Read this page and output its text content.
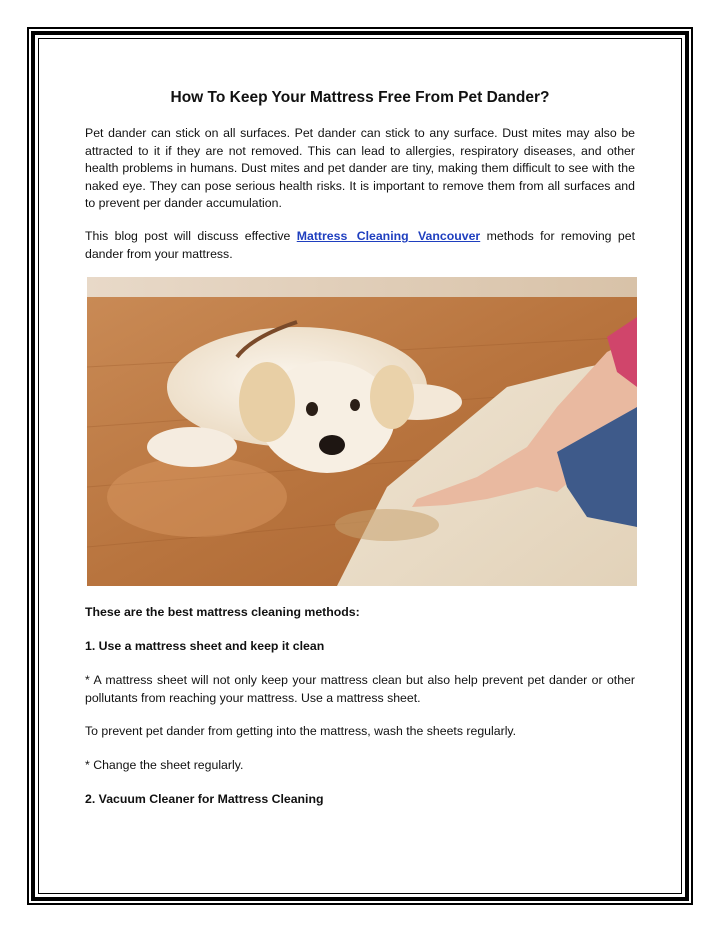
How To Keep Your Mattress Free From Pet Dander?

Pet dander can stick on all surfaces. Pet dander can stick to any surface. Dust mites may also be attracted to it if they are not removed. This can lead to allergies, respiratory diseases, and other health problems in humans. Dust mites and pet dander are tiny, making them difficult to see with the naked eye. They can pose serious health risks. It is important to remove them from all surfaces and to prevent per dander accumulation.

This blog post will discuss effective Mattress Cleaning Vancouver methods for removing pet dander from your mattress.

These are the best mattress cleaning methods:

1. Use a mattress sheet and keep it clean

* A mattress sheet will not only keep your mattress clean but also help prevent pet dander or other pollutants from reaching your mattress. Use a mattress sheet.

To prevent pet dander from getting into the mattress, wash the sheets regularly.

* Change the sheet regularly.

2. Vacuum Cleaner for Mattress Cleaning
